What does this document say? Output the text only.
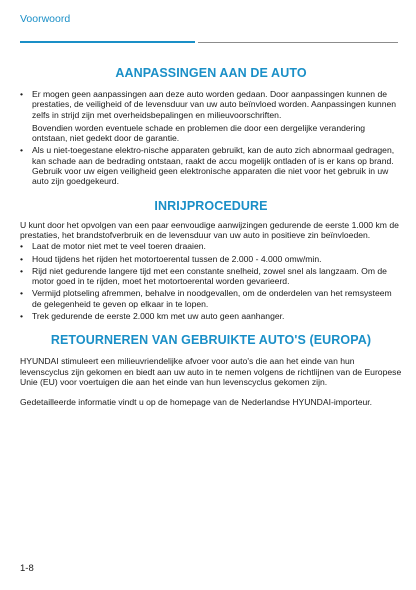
Voorwoord
AANPASSINGEN AAN DE AUTO
• Er mogen geen aanpassingen aan deze auto worden gedaan. Door aanpassingen kunnen de prestaties, de veiligheid of de levensduur van uw auto beïnvloed worden. Aanpassingen kunnen zelfs in strijd zijn met overheidsbepalingen en milieuvoorschriften.

Bovendien worden eventuele schade en problemen die door een dergelijke verandering ontstaan, niet gedekt door de garantie.

• Als u niet-toegestane elektro-nische apparaten gebruikt, kan de auto zich abnormaal gedragen, kan schade aan de bedrading ontstaan, raakt de accu mogelijk ontladen of is er kans op brand. Gebruik voor uw eigen veiligheid geen elektronische apparaten die niet voor het gebruik in uw auto zijn goedgekeurd.
INRIJPROCEDURE

U kunt door het opvolgen van een paar eenvoudige aanwijzingen gedurende de eerste 1.000 km de prestaties, het brandstofverbruik en de levensduur van uw auto in positieve zin beïnvloeden.

• Laat de motor niet met te veel toeren draaien.
• Houd tijdens het rijden het motortoerental tussen de 2.000 - 4.000 omw/min.
• Rijd niet gedurende langere tijd met een constante snelheid, zowel snel als langzaam. Om de motor goed in te rijden, moet het motortoerental worden gevarieerd.
• Vermijd plotseling afremmen, behalve in noodgevallen, om de onderdelen van het remsysteem de gelegenheid te geven op elkaar in te lopen.
• Trek gedurende de eerste 2.000 km met uw auto geen aanhanger.
RETOURNEREN VAN GEBRUIKTE AUTO'S (EUROPA)

HYUNDAI stimuleert een milieuvriendelijke afvoer voor auto's die aan het einde van hun levenscyclus zijn gekomen en biedt aan uw auto in te nemen volgens de richtlijnen van de Europese Unie (EU) voor voertuigen die aan het einde van hun levenscyclus gekomen zijn.

Gedetailleerde informatie vindt u op de homepage van de Nederlandse HYUNDAI-importeur.

1-8
